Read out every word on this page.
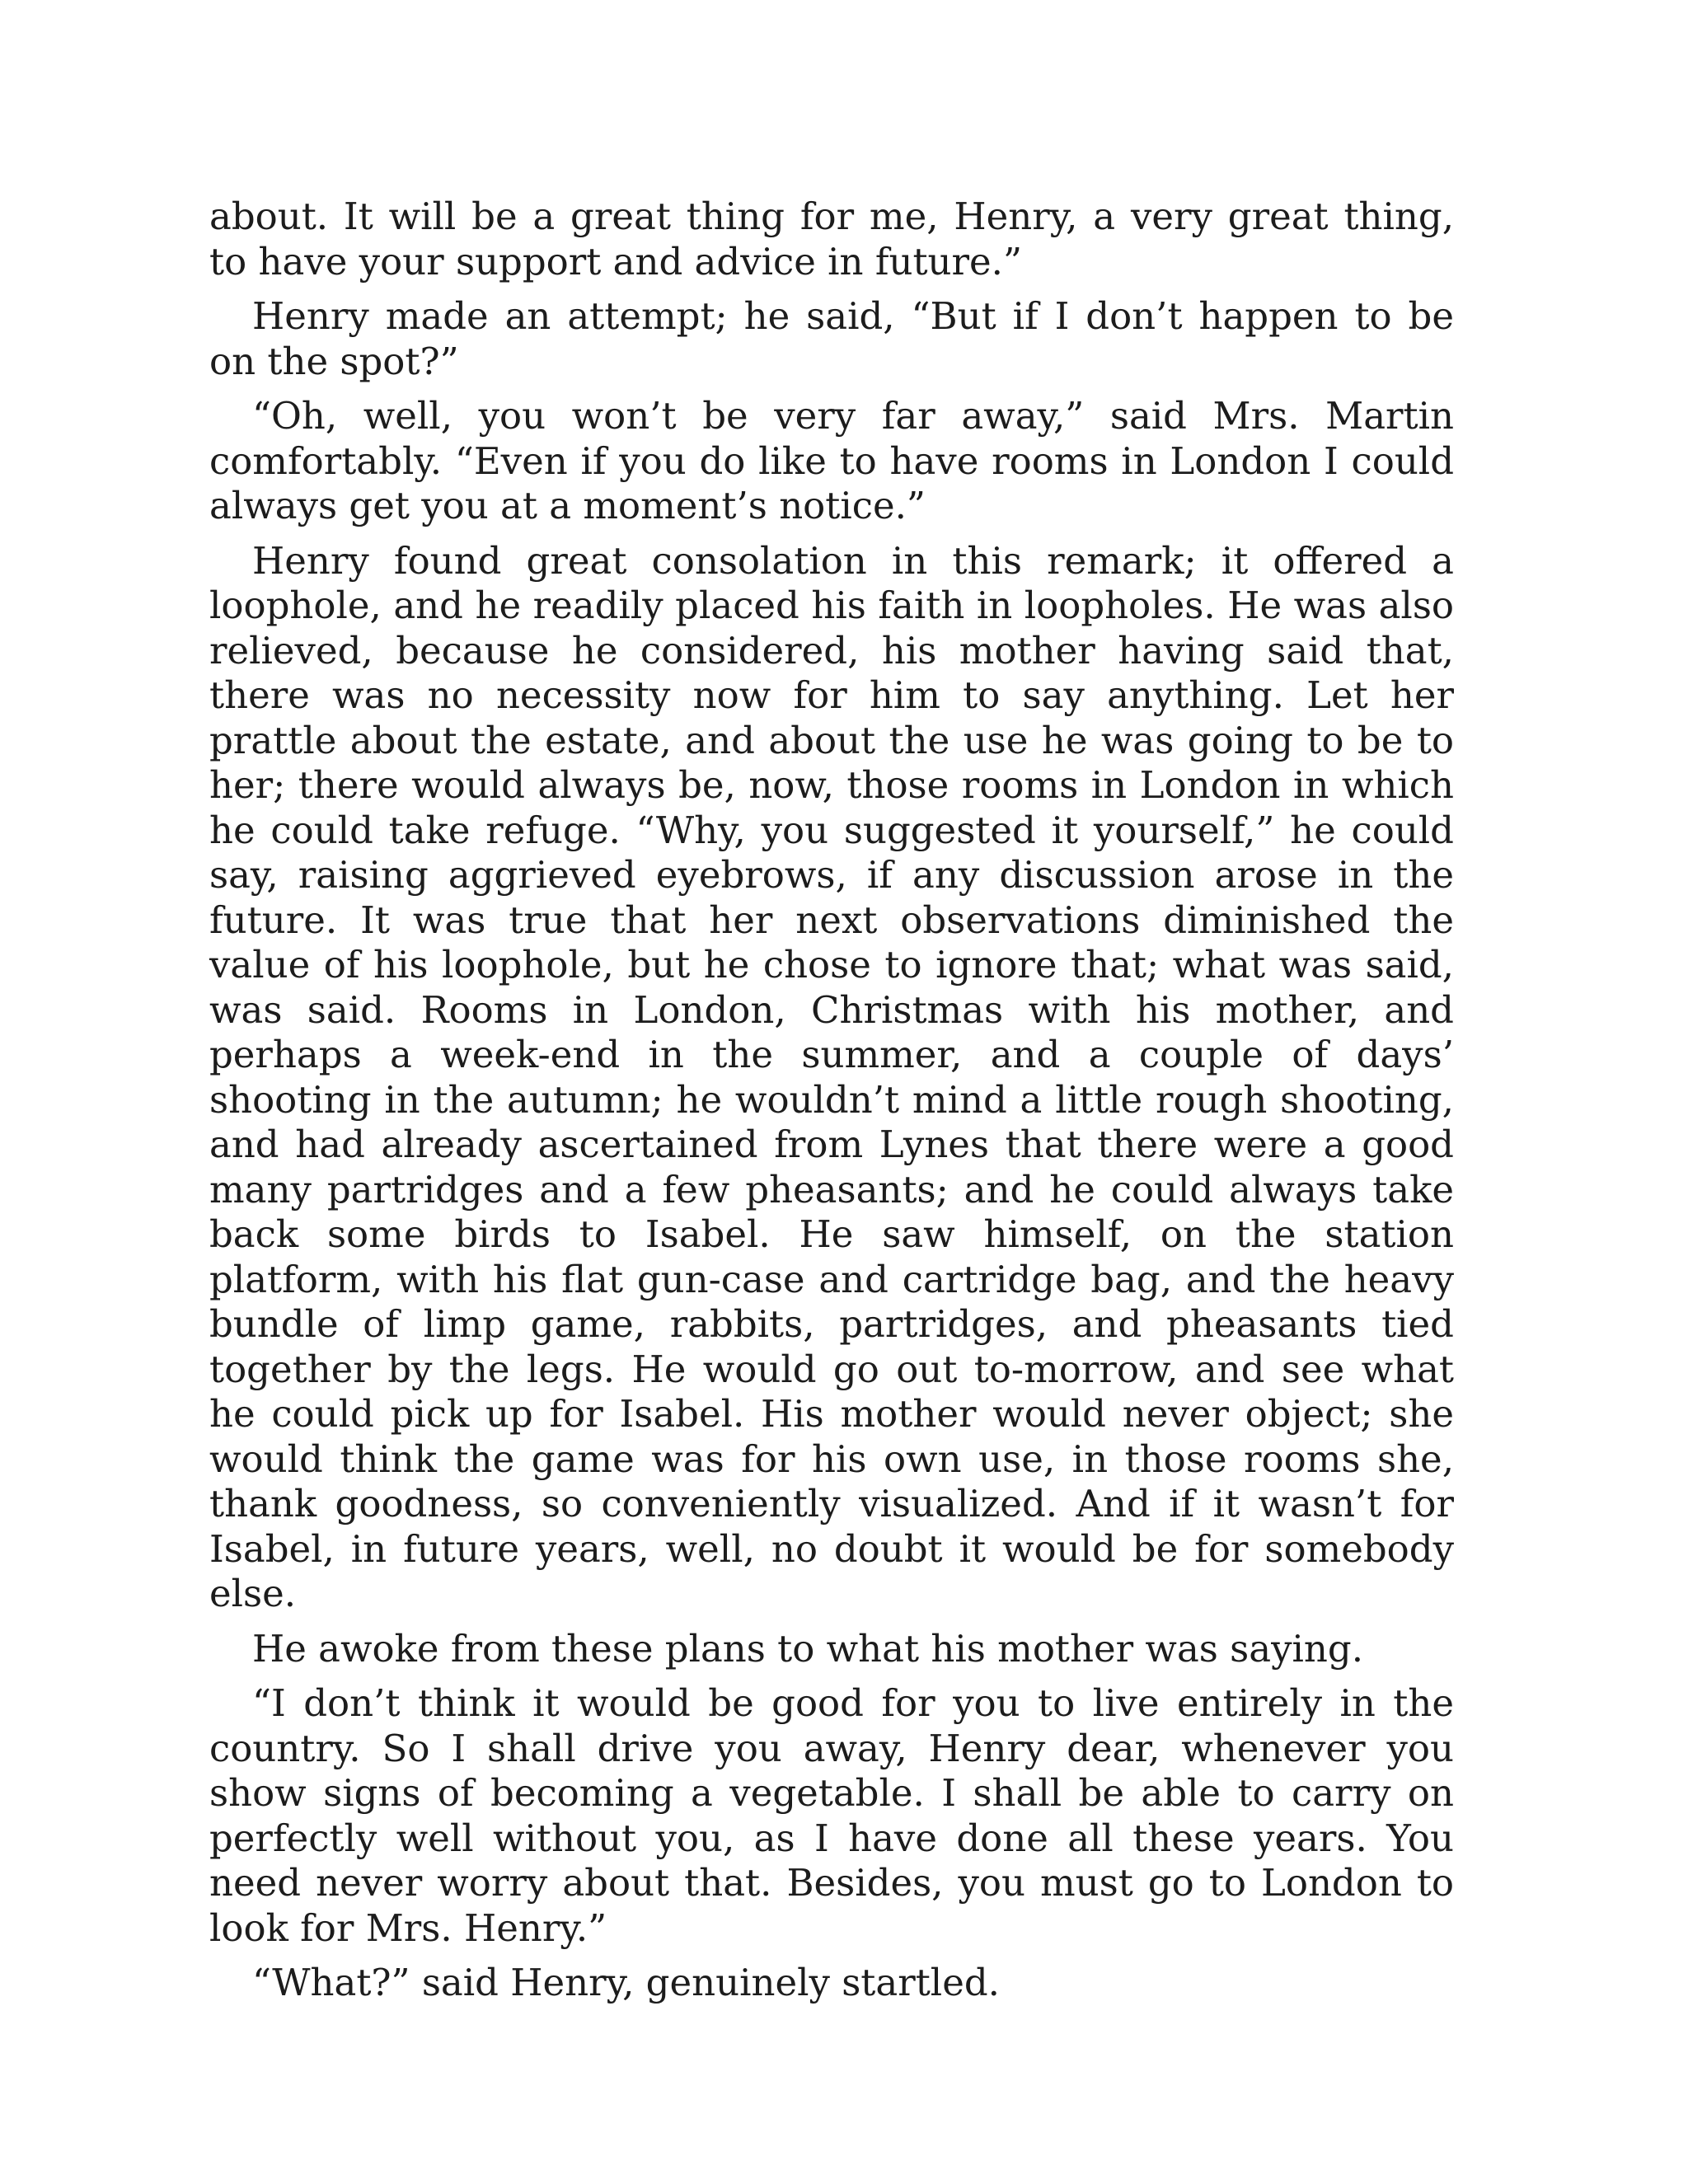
about. It will be a great thing for me, Henry, a very great thing, to have your support and advice in future.”

Henry made an attempt; he said, “But if I don’t happen to be on the spot?”

“Oh, well, you won’t be very far away,” said Mrs. Martin comfortably. “Even if you do like to have rooms in London I could always get you at a moment’s notice.”

Henry found great consolation in this remark; it offered a loophole, and he readily placed his faith in loopholes. He was also relieved, because he considered, his mother having said that, there was no necessity now for him to say anything. Let her prattle about the estate, and about the use he was going to be to her; there would always be, now, those rooms in London in which he could take refuge. “Why, you suggested it yourself,” he could say, raising aggrieved eyebrows, if any discussion arose in the future. It was true that her next observations diminished the value of his loophole, but he chose to ignore that; what was said, was said. Rooms in London, Christmas with his mother, and perhaps a week-end in the summer, and a couple of days’ shooting in the autumn; he wouldn’t mind a little rough shooting, and had already ascertained from Lynes that there were a good many partridges and a few pheasants; and he could always take back some birds to Isabel. He saw himself, on the station platform, with his flat gun-case and cartridge bag, and the heavy bundle of limp game, rabbits, partridges, and pheasants tied together by the legs. He would go out to-morrow, and see what he could pick up for Isabel. His mother would never object; she would think the game was for his own use, in those rooms she, thank goodness, so conveniently visualized. And if it wasn’t for Isabel, in future years, well, no doubt it would be for somebody else.

He awoke from these plans to what his mother was saying.

“I don’t think it would be good for you to live entirely in the country. So I shall drive you away, Henry dear, whenever you show signs of becoming a vegetable. I shall be able to carry on perfectly well without you, as I have done all these years. You need never worry about that. Besides, you must go to London to look for Mrs. Henry.”

“What?” said Henry, genuinely startled.
